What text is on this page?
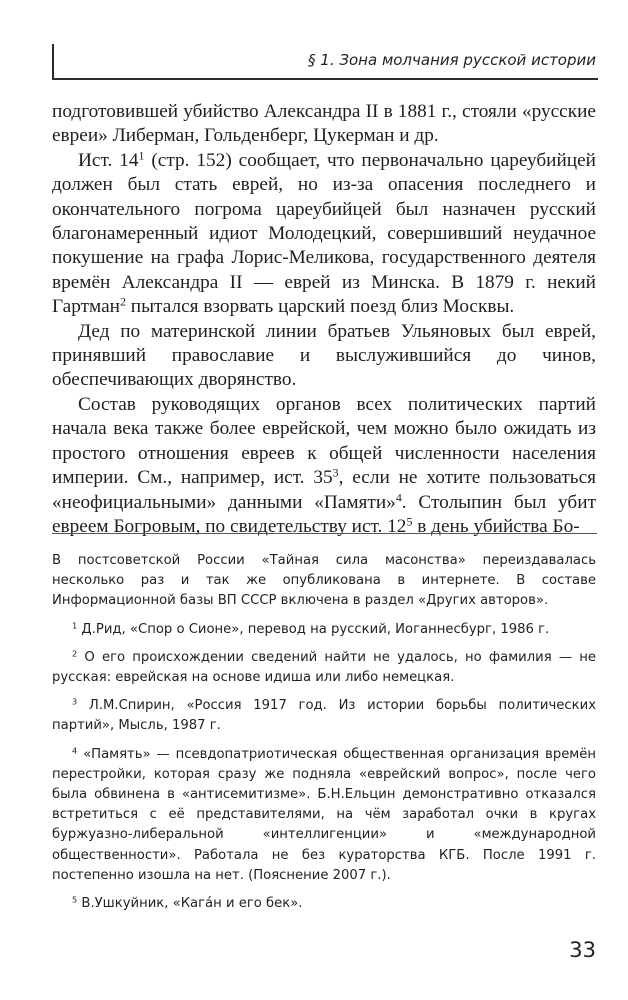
§ 1. Зона молчания русской истории

подготовившей убийство Александра II в 1881 г., стояли «русские евреи» Либерман, Гольденберг, Цукерман и др.

Ист. $14^1$ (стр. 152) сообщает, что первоначально цареубийцей должен был стать еврей, но из-за опасения последнего и окончательного погрома цареубийцей был назначен русский благонамеренный идиот Молодецкий, совершивший неудачное покушение на графа Лорис-Меликова, государственного деятеля времён Александра II — еврей из Минска. В 1879 г. некий Гартман$^2$ пытался взорвать царский поезд близ Москвы.

Дед по материнской линии братьев Ульяновых был еврей, принявший православие и выслужившийся до чинов, обеспечивающих дворянство.

Состав руководящих органов всех политических партий начала века также более еврейской, чем можно было ожидать из простого отношения евреев к общей численности населения империи. См., например, ист. $35^3$, если не хотите пользоваться «неофициальными» данными «Памяти»$^4$. Столыпин был убит евреем Богровым, по свидетельству ист. $12^5$ в день убийства Бо-

В постсоветской России «Тайная сила масонства» переиздавалась несколько раз и так же опубликована в интернете. В составе Информационной базы ВП СССР включена в раздел «Других авторов».

$^1$ Д.Рид, «Спор о Сионе», перевод на русский, Иоганнесбург, 1986 г.

$^2$ О его происхождении сведений найти не удалось, но фамилия — не русская: еврейская на основе идиша или либо немецкая.

$^3$ Л.М.Спирин, «Россия 1917 год. Из истории борьбы политических партий», Мысль, 1987 г.

$^4$ «Память» — псевдопатриотическая общественная организация времён перестройки, которая сразу же подняла «еврейский вопрос», после чего была обвинена в «антисемитизме». Б.Н.Ельцин демонстративно отказался встретиться с её представителями, на чём заработал очки в кругах буржуазно-либеральной «интеллигенции» и «международной общественности». Работала не без кураторства КГБ. После 1991 г. постепенно изошла на нет. (Пояснение 2007 г.).

$^5$ В.Ушкуйник, «Кага́н и его бек».

33
